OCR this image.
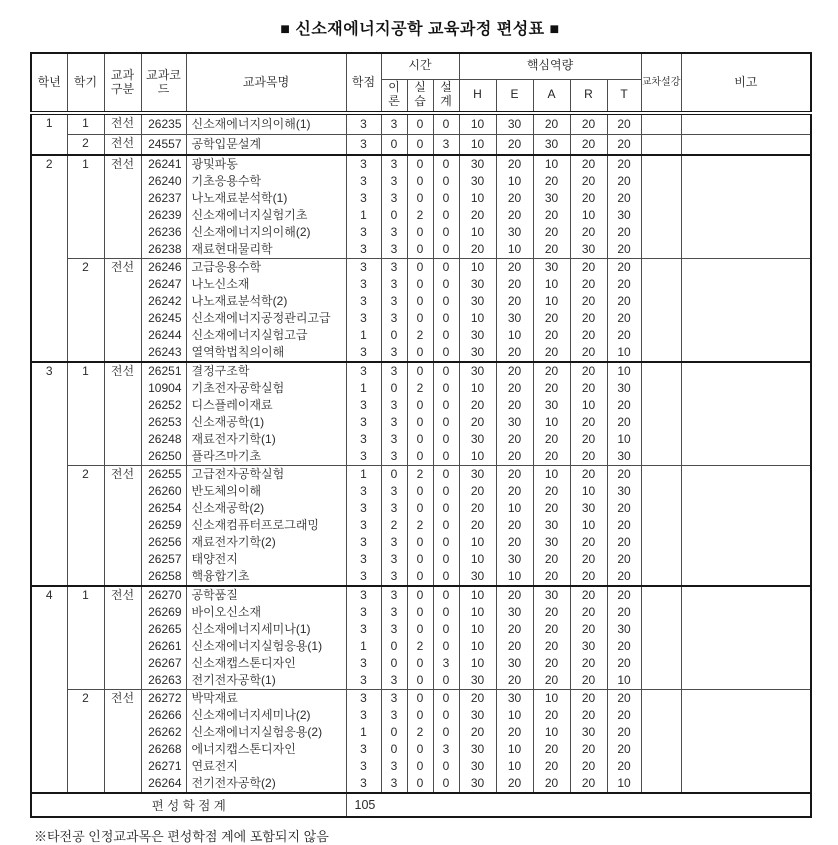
■ 신소재에너지공학 교육과정 편성표 ■
학년	학기	교과구분	교과코드	교과목명	학점	시간			핵심역량					교차설강	비고
						이론	실습	설계	H	E	A	R	T		
1	1	전선	26235	신소재에너지의이해(1)	3	3	0	0	10	30	20	20	20		
	2	전선	24557	공학입문설계	3	0	0	3	10	20	30	20	20		
2	1	전선	26241	광및파동	3	3	0	0	30	20	10	20	20		
			26240	기초응용수학	3	3	0	0	30	10	20	20	20		
			26237	나노재료분석학(1)	3	3	0	0	10	20	30	20	20		
			26239	신소재에너지실험기초	1	0	2	0	20	20	20	10	30		
			26236	신소재에너지의이해(2)	3	3	0	0	10	30	20	20	20		
			26238	재료현대물리학	3	3	0	0	20	10	20	30	20		
	2	전선	26246	고급응용수학	3	3	0	0	10	20	30	20	20		
			26247	나노신소재	3	3	0	0	30	20	10	20	20		
			26242	나노재료분석학(2)	3	3	0	0	30	20	10	20	20		
			26245	신소재에너지공정관리고급	3	3	0	0	10	30	20	20	20		
			26244	신소재에너지실험고급	1	0	2	0	30	10	20	20	20		
			26243	열역학법칙의이해	3	3	0	0	30	20	20	20	10		
3	1	전선	26251	결정구조학	3	3	0	0	30	20	20	20	10		
			10904	기초전자공학실험	1	0	2	0	10	20	20	20	30		
			26252	디스플레이재료	3	3	0	0	20	20	30	10	20		
			26253	신소재공학(1)	3	3	0	0	20	30	10	20	20		
			26248	재료전자기학(1)	3	3	0	0	30	20	20	20	10		
			26250	플라즈마기초	3	3	0	0	10	20	20	20	30		
	2	전선	26255	고급전자공학실험	1	0	2	0	30	20	10	20	20		
			26260	반도체의이해	3	3	0	0	20	20	20	10	30		
			26254	신소재공학(2)	3	3	0	0	20	10	20	30	20		
			26259	신소재컴퓨터프로그래밍	3	2	2	0	20	20	30	10	20		
			26256	재료전자기학(2)	3	3	0	0	10	20	30	20	20		
			26257	태양전지	3	3	0	0	10	30	20	20	20		
			26258	핵융합기초	3	3	0	0	30	10	20	20	20		
4	1	전선	26270	공학품질	3	3	0	0	10	20	30	20	20		
			26269	바이오신소재	3	3	0	0	10	30	20	20	20		
			26265	신소재에너지세미나(1)	3	3	0	0	10	20	20	20	30		
			26261	신소재에너지실험응용(1)	1	0	2	0	10	20	20	30	20		
			26267	신소재캡스톤디자인	3	0	0	3	10	30	20	20	20		
			26263	전기전자공학(1)	3	3	0	0	30	20	20	20	10		
	2	전선	26272	박막재료	3	3	0	0	20	30	10	20	20		
			26266	신소재에너지세미나(2)	3	3	0	0	30	10	20	20	20		
			26262	신소재에너지실험응용(2)	1	0	2	0	20	20	10	30	20		
			26268	에너지캡스톤디자인	3	0	0	3	30	10	20	20	20		
			26271	연료전지	3	3	0	0	30	10	20	20	20		
			26264	전기전자공학(2)	3	3	0	0	30	20	20	20	10		
편 성 학 점 계					105										
※타전공 인정교과목은 편성학점 계에 포함되지 않음
